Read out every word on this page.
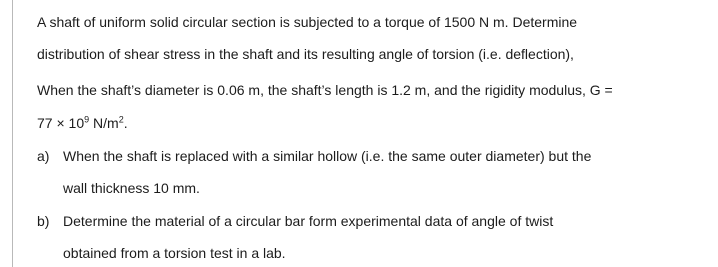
A shaft of uniform solid circular section is subjected to a torque of 1500 N m. Determine
distribution of shear stress in the shaft and its resulting angle of torsion (i.e. deflection),
When the shaft’s diameter is 0.06 m, the shaft’s length is 1.2 m, and the rigidity modulus, G =
$77 \times 10^9$ $N/m^2$.
a) When the shaft is replaced with a similar hollow (i.e. the same outer diameter) but the
wall thickness 10 mm.
b) Determine the material of a circular bar form experimental data of angle of twist
obtained from a torsion test in a lab.
